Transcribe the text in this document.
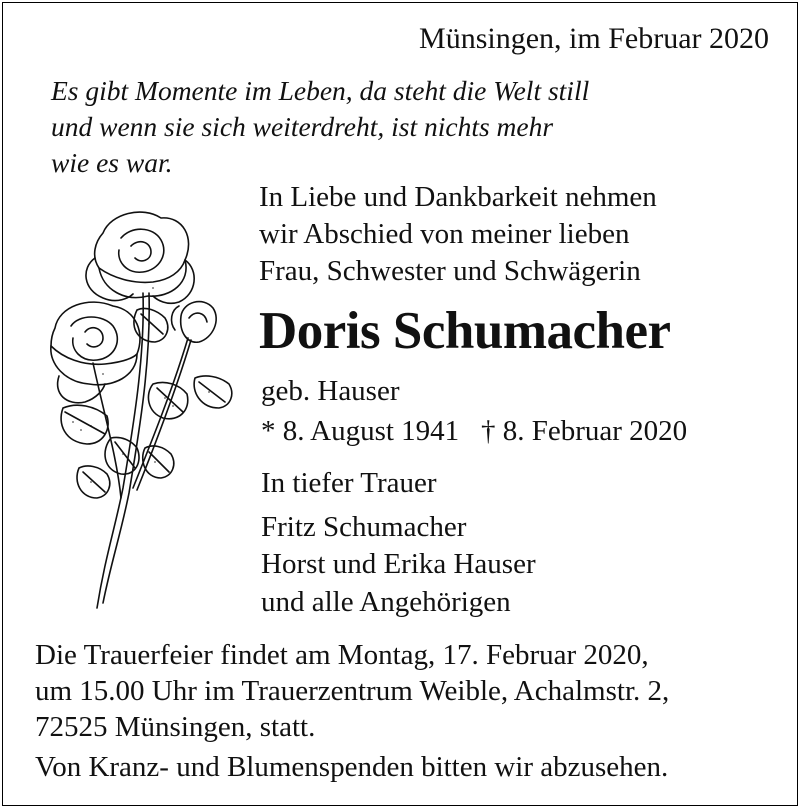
Münsingen, im Februar 2020
Es gibt Momente im Leben, da steht die Welt still
und wenn sie sich weiterdreht, ist nichts mehr
wie es war.
In Liebe und Dankbarkeit nehmen
wir Abschied von meiner lieben
Frau, Schwester und Schwägerin
Doris Schumacher
geb. Hauser
* 8. August 1941 † 8. Februar 2020
In tiefer Trauer
Fritz Schumacher
Horst und Erika Hauser
und alle Angehörigen
Die Trauerfeier findet am Montag, 17. Februar 2020,
um 15.00 Uhr im Trauerzentrum Weible, Achalmstr. 2,
72525 Münsingen, statt.
Von Kranz- und Blumenspenden bitten wir abzusehen.
